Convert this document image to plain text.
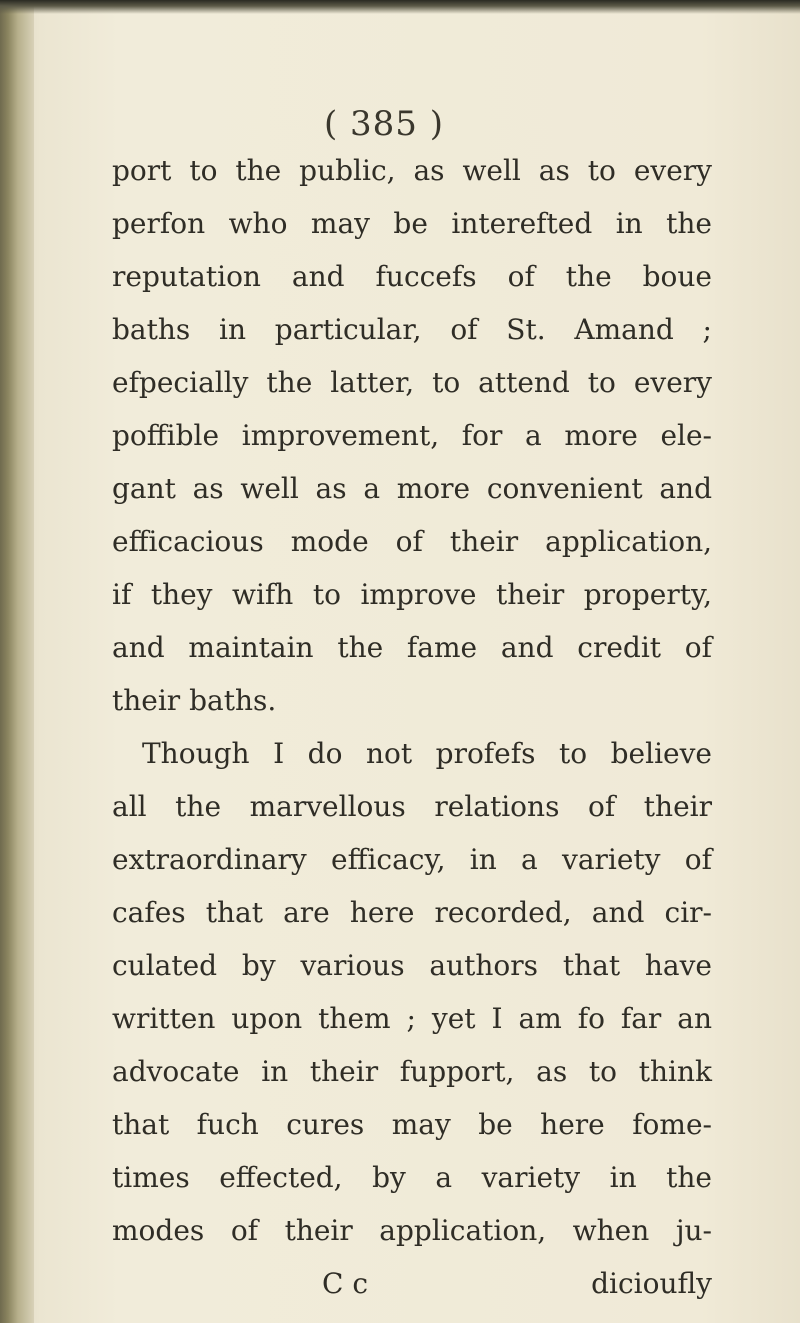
( 385 )
port to the public, as well as to every
perfon who may be interefted in the
reputation and fuccefs of the boue
baths in particular, of St. Amand ;
efpecially the latter, to attend to every
poffible improvement, for a more ele-
gant as well as a more convenient and
efficacious mode of their application,
if they wifh to improve their property,
and maintain the fame and credit of
their baths.
Though I do not profefs to believe
all the marvellous relations of their
extraordinary efficacy, in a variety of
cafes that are here recorded, and cir-
culated by various authors that have
written upon them ; yet I am fo far an
advocate in their fupport, as to think
that fuch cures may be here fome-
times effected, by a variety in the
modes of their application, when ju-
C c	dicioufly
